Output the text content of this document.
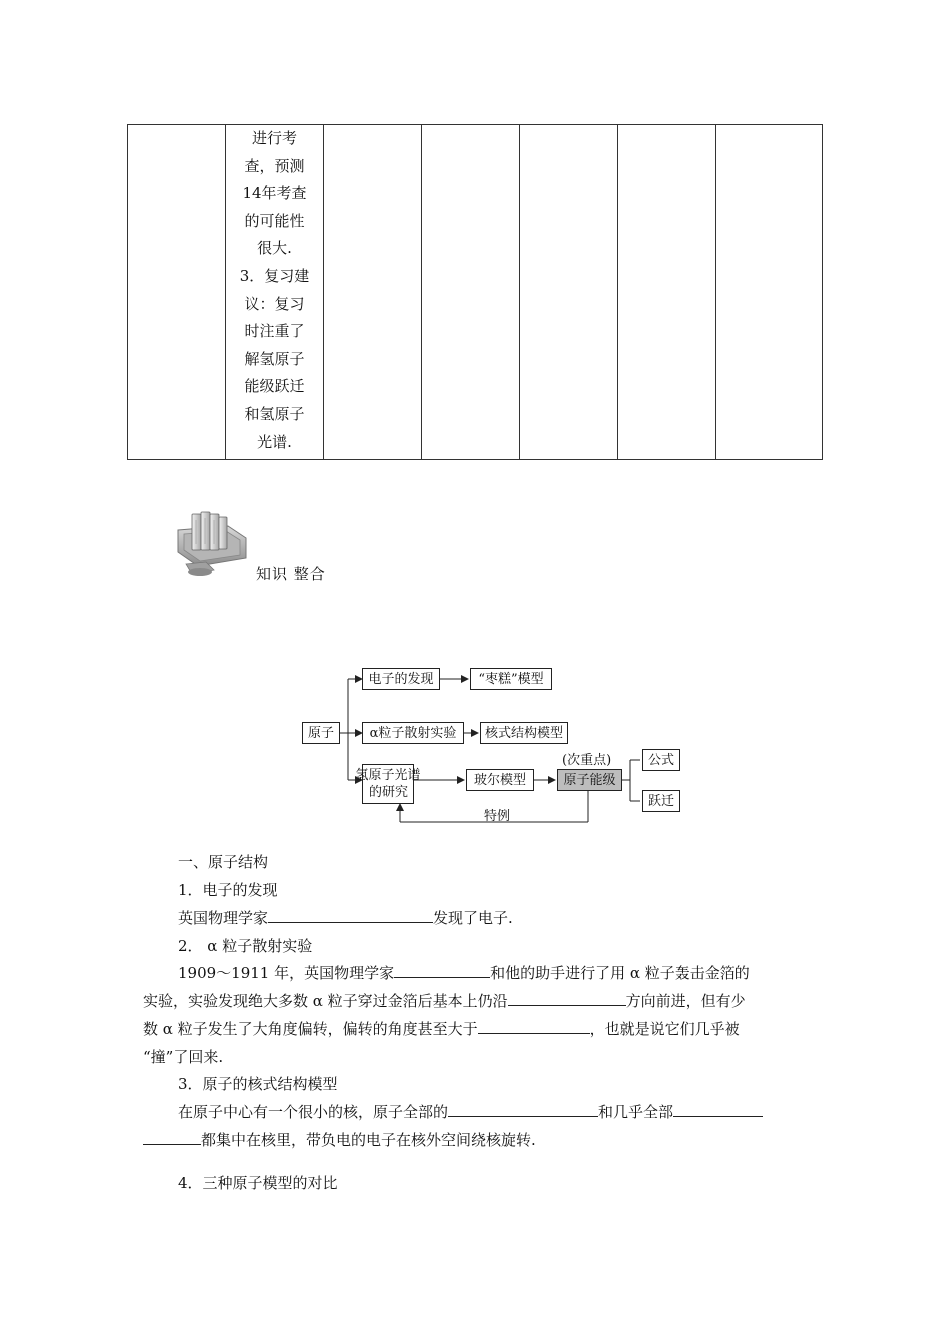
进行考
查，预测
14年考查
的可能性
很大.
3．复习建
议：复习
时注重了
解氢原子
能级跃迁
和氢原子
光谱.
知识 整合
原子
电子的发现	“枣糕”模型
α粒子散射实验	核式结构模型
氢原子光谱
的研究
玻尔模型
(次重点)
原子能级
公式
跃迁
特例
一、原子结构
1．电子的发现
英国物理学家	发现了电子.
2． α 粒子散射实验
1909～1911 年，英国物理学家	和他的助手进行了用 α 粒子轰击金箔的
实验，实验发现绝大多数 α 粒子穿过金箔后基本上仍沿	方向前进，但有少
数 α 粒子发生了大角度偏转，偏转的角度甚至大于	，也就是说它们几乎被
“撞”了回来.
3．原子的核式结构模型
在原子中心有一个很小的核，原子全部的	和几乎全部
都集中在核里，带负电的电子在核外空间绕核旋转.
4．三种原子模型的对比
